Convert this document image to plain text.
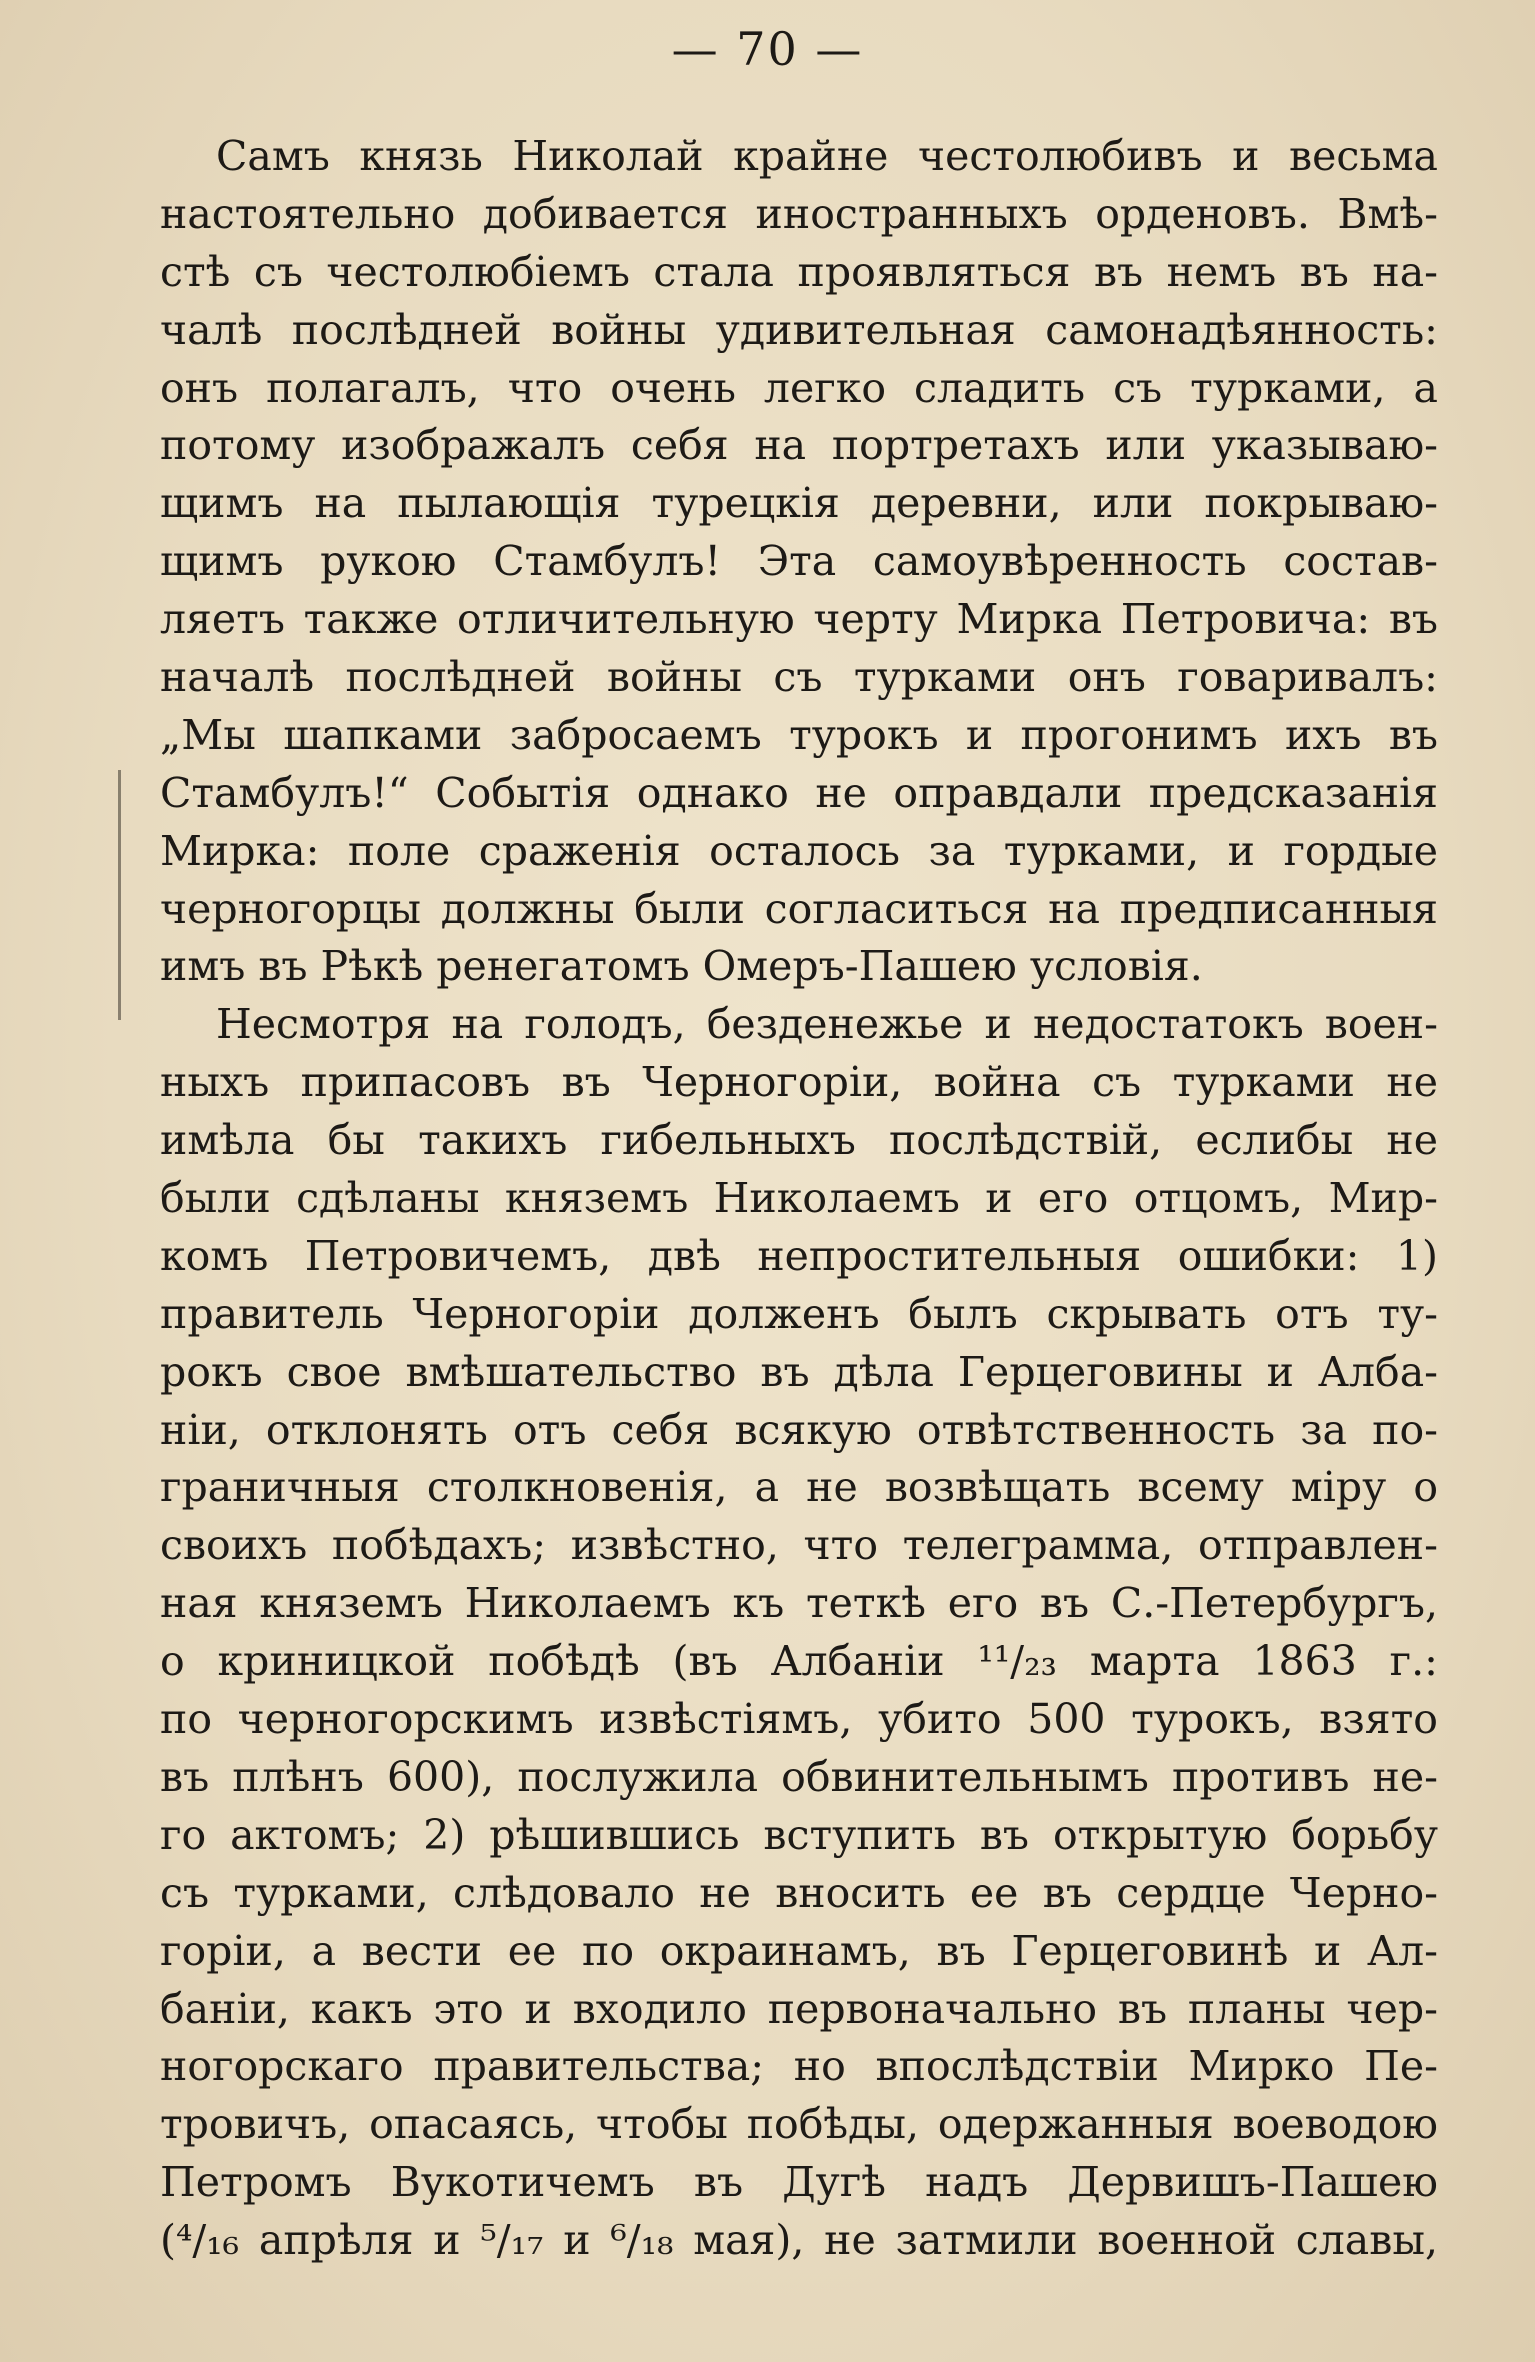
— 70 —
Самъ князь Николай крайне честолюбивъ и весьма
настоятельно добивается иностранныхъ орденовъ. Вмѣ-
стѣ съ честолюбіемъ стала проявляться въ немъ въ на-
чалѣ послѣдней войны удивительная самонадѣянность:
онъ полагалъ, что очень легко сладить съ турками, а
потому изображалъ себя на портретахъ или указываю-
щимъ на пылающія турецкія деревни, или покрываю-
щимъ рукою Стамбулъ! Эта самоувѣренность состав-
ляетъ также отличительную черту Мирка Петровича: въ
началѣ послѣдней войны съ турками онъ говаривалъ:
„Мы шапками забросаемъ турокъ и прогонимъ ихъ въ
Стамбулъ!“ Событія однако не оправдали предсказанія
Мирка: поле сраженія осталось за турками, и гордые
черногорцы должны были согласиться на предписанныя
имъ въ Рѣкѣ ренегатомъ Омеръ-Пашею условія.
Несмотря на голодъ, безденежье и недостатокъ воен-
ныхъ припасовъ въ Черногоріи, война съ турками не
имѣла бы такихъ гибельныхъ послѣдствій, еслибы не
были сдѣланы княземъ Николаемъ и его отцомъ, Мир-
комъ Петровичемъ, двѣ непростительныя ошибки: 1)
правитель Черногоріи долженъ былъ скрывать отъ ту-
рокъ свое вмѣшательство въ дѣла Герцеговины и Алба-
ніи, отклонять отъ себя всякую отвѣтственность за по-
граничныя столкновенія, а не возвѣщать всему міру о
своихъ побѣдахъ; извѣстно, что телеграмма, отправлен-
ная княземъ Николаемъ къ теткѣ его въ С.-Петербургъ,
о криницкой побѣдѣ (въ Албаніи ¹¹/₂₃ марта 1863 г.:
по черногорскимъ извѣстіямъ, убито 500 турокъ, взято
въ плѣнъ 600), послужила обвинительнымъ противъ не-
го актомъ; 2) рѣшившись вступить въ открытую борьбу
съ турками, слѣдовало не вносить ее въ сердце Черно-
горіи, а вести ее по окраинамъ, въ Герцеговинѣ и Ал-
баніи, какъ это и входило первоначально въ планы чер-
ногорскаго правительства; но впослѣдствіи Мирко Пе-
тровичъ, опасаясь, чтобы побѣды, одержанныя воеводою
Петромъ Вукотичемъ въ Дугѣ надъ Дервишъ-Пашею
(⁴/₁₆ апрѣля и ⁵/₁₇ и ⁶/₁₈ мая), не затмили военной славы,
